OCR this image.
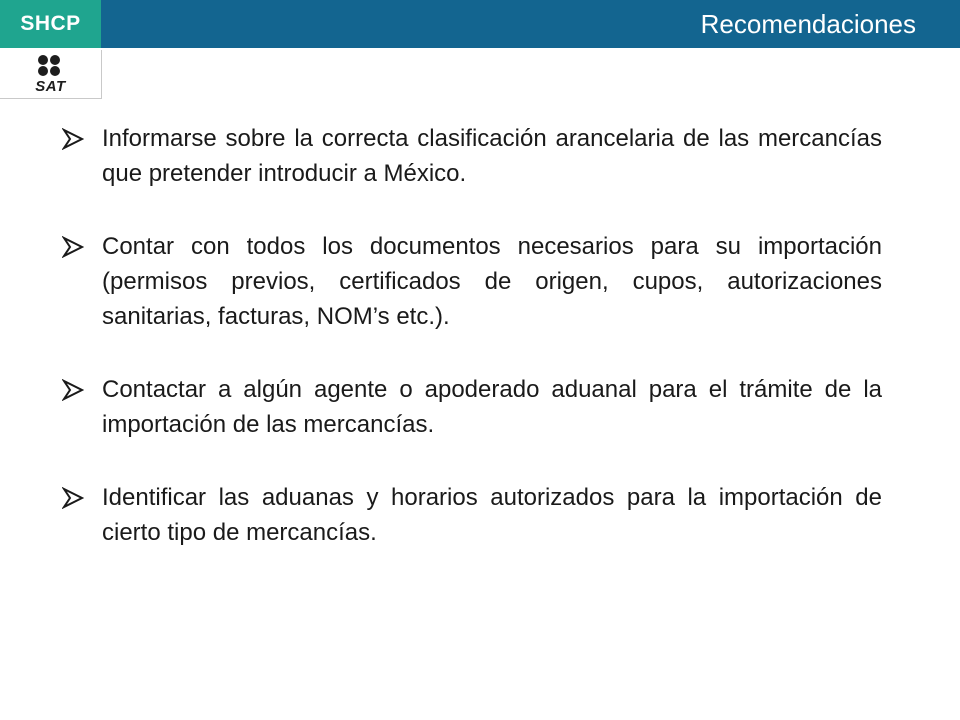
SHCP	Recomendaciones
SAT
Informarse sobre la correcta clasificación arancelaria de las mercancías que pretender introducir a México.
Contar con todos los documentos necesarios para su importación (permisos previos, certificados de origen, cupos, autorizaciones sanitarias, facturas, NOM’s etc.).
Contactar a algún agente o apoderado aduanal para el trámite de la importación de las mercancías.
Identificar las aduanas y horarios autorizados para la importación de cierto tipo de mercancías.
